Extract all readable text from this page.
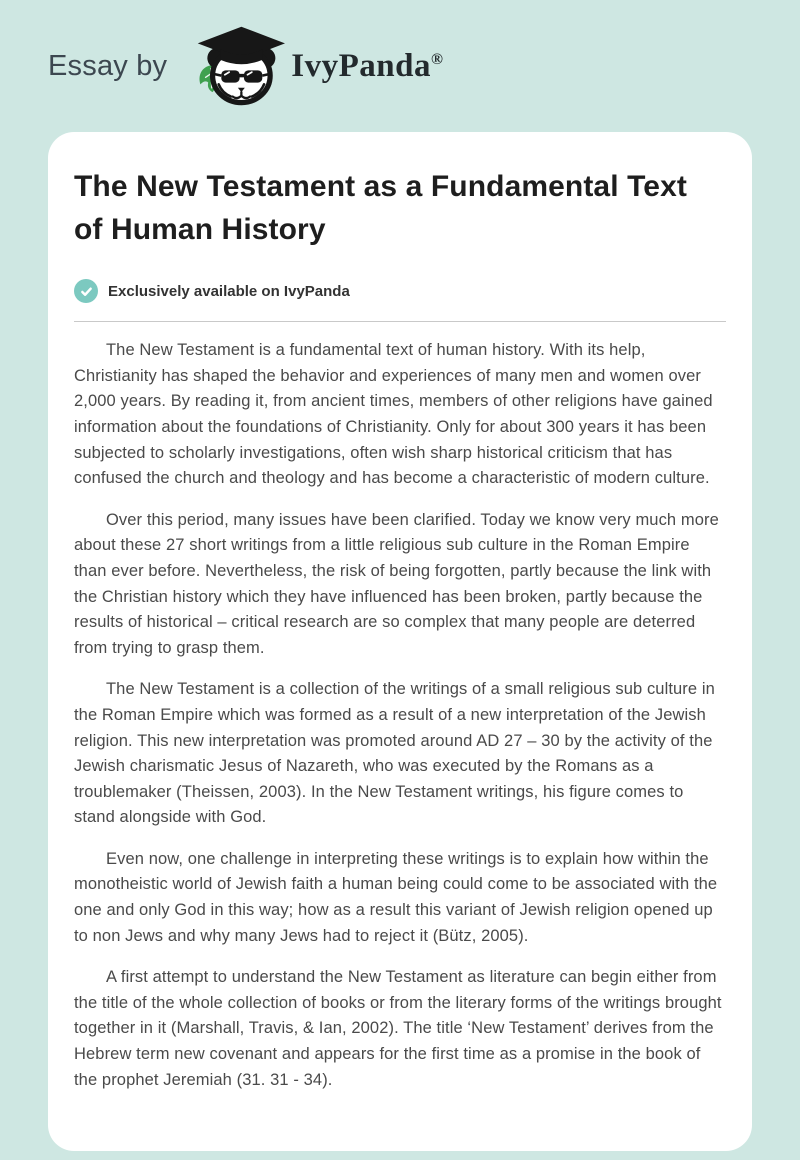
Essay by	IvyPanda®
The New Testament as a Fundamental Text of Human History
Exclusively available on IvyPanda

The New Testament is a fundamental text of human history. With its help, Christianity has shaped the behavior and experiences of many men and women over 2,000 years. By reading it, from ancient times, members of other religions have gained information about the foundations of Christianity. Only for about 300 years it has been subjected to scholarly investigations, often wish sharp historical criticism that has confused the church and theology and has become a characteristic of modern culture.

Over this period, many issues have been clarified. Today we know very much more about these 27 short writings from a little religious sub culture in the Roman Empire than ever before. Nevertheless, the risk of being forgotten, partly because the link with the Christian history which they have influenced has been broken, partly because the results of historical – critical research are so complex that many people are deterred from trying to grasp them.

The New Testament is a collection of the writings of a small religious sub culture in the Roman Empire which was formed as a result of a new interpretation of the Jewish religion. This new interpretation was promoted around AD 27 – 30 by the activity of the Jewish charismatic Jesus of Nazareth, who was executed by the Romans as a troublemaker (Theissen, 2003). In the New Testament writings, his figure comes to stand alongside with God.

Even now, one challenge in interpreting these writings is to explain how within the monotheistic world of Jewish faith a human being could come to be associated with the one and only God in this way; how as a result this variant of Jewish religion opened up to non Jews and why many Jews had to reject it (Bütz, 2005).

A first attempt to understand the New Testament as literature can begin either from the title of the whole collection of books or from the literary forms of the writings brought together in it (Marshall, Travis, & Ian, 2002). The title ‘New Testament’ derives from the Hebrew term new covenant and appears for the first time as a promise in the book of the prophet Jeremiah (31. 31 - 34).
